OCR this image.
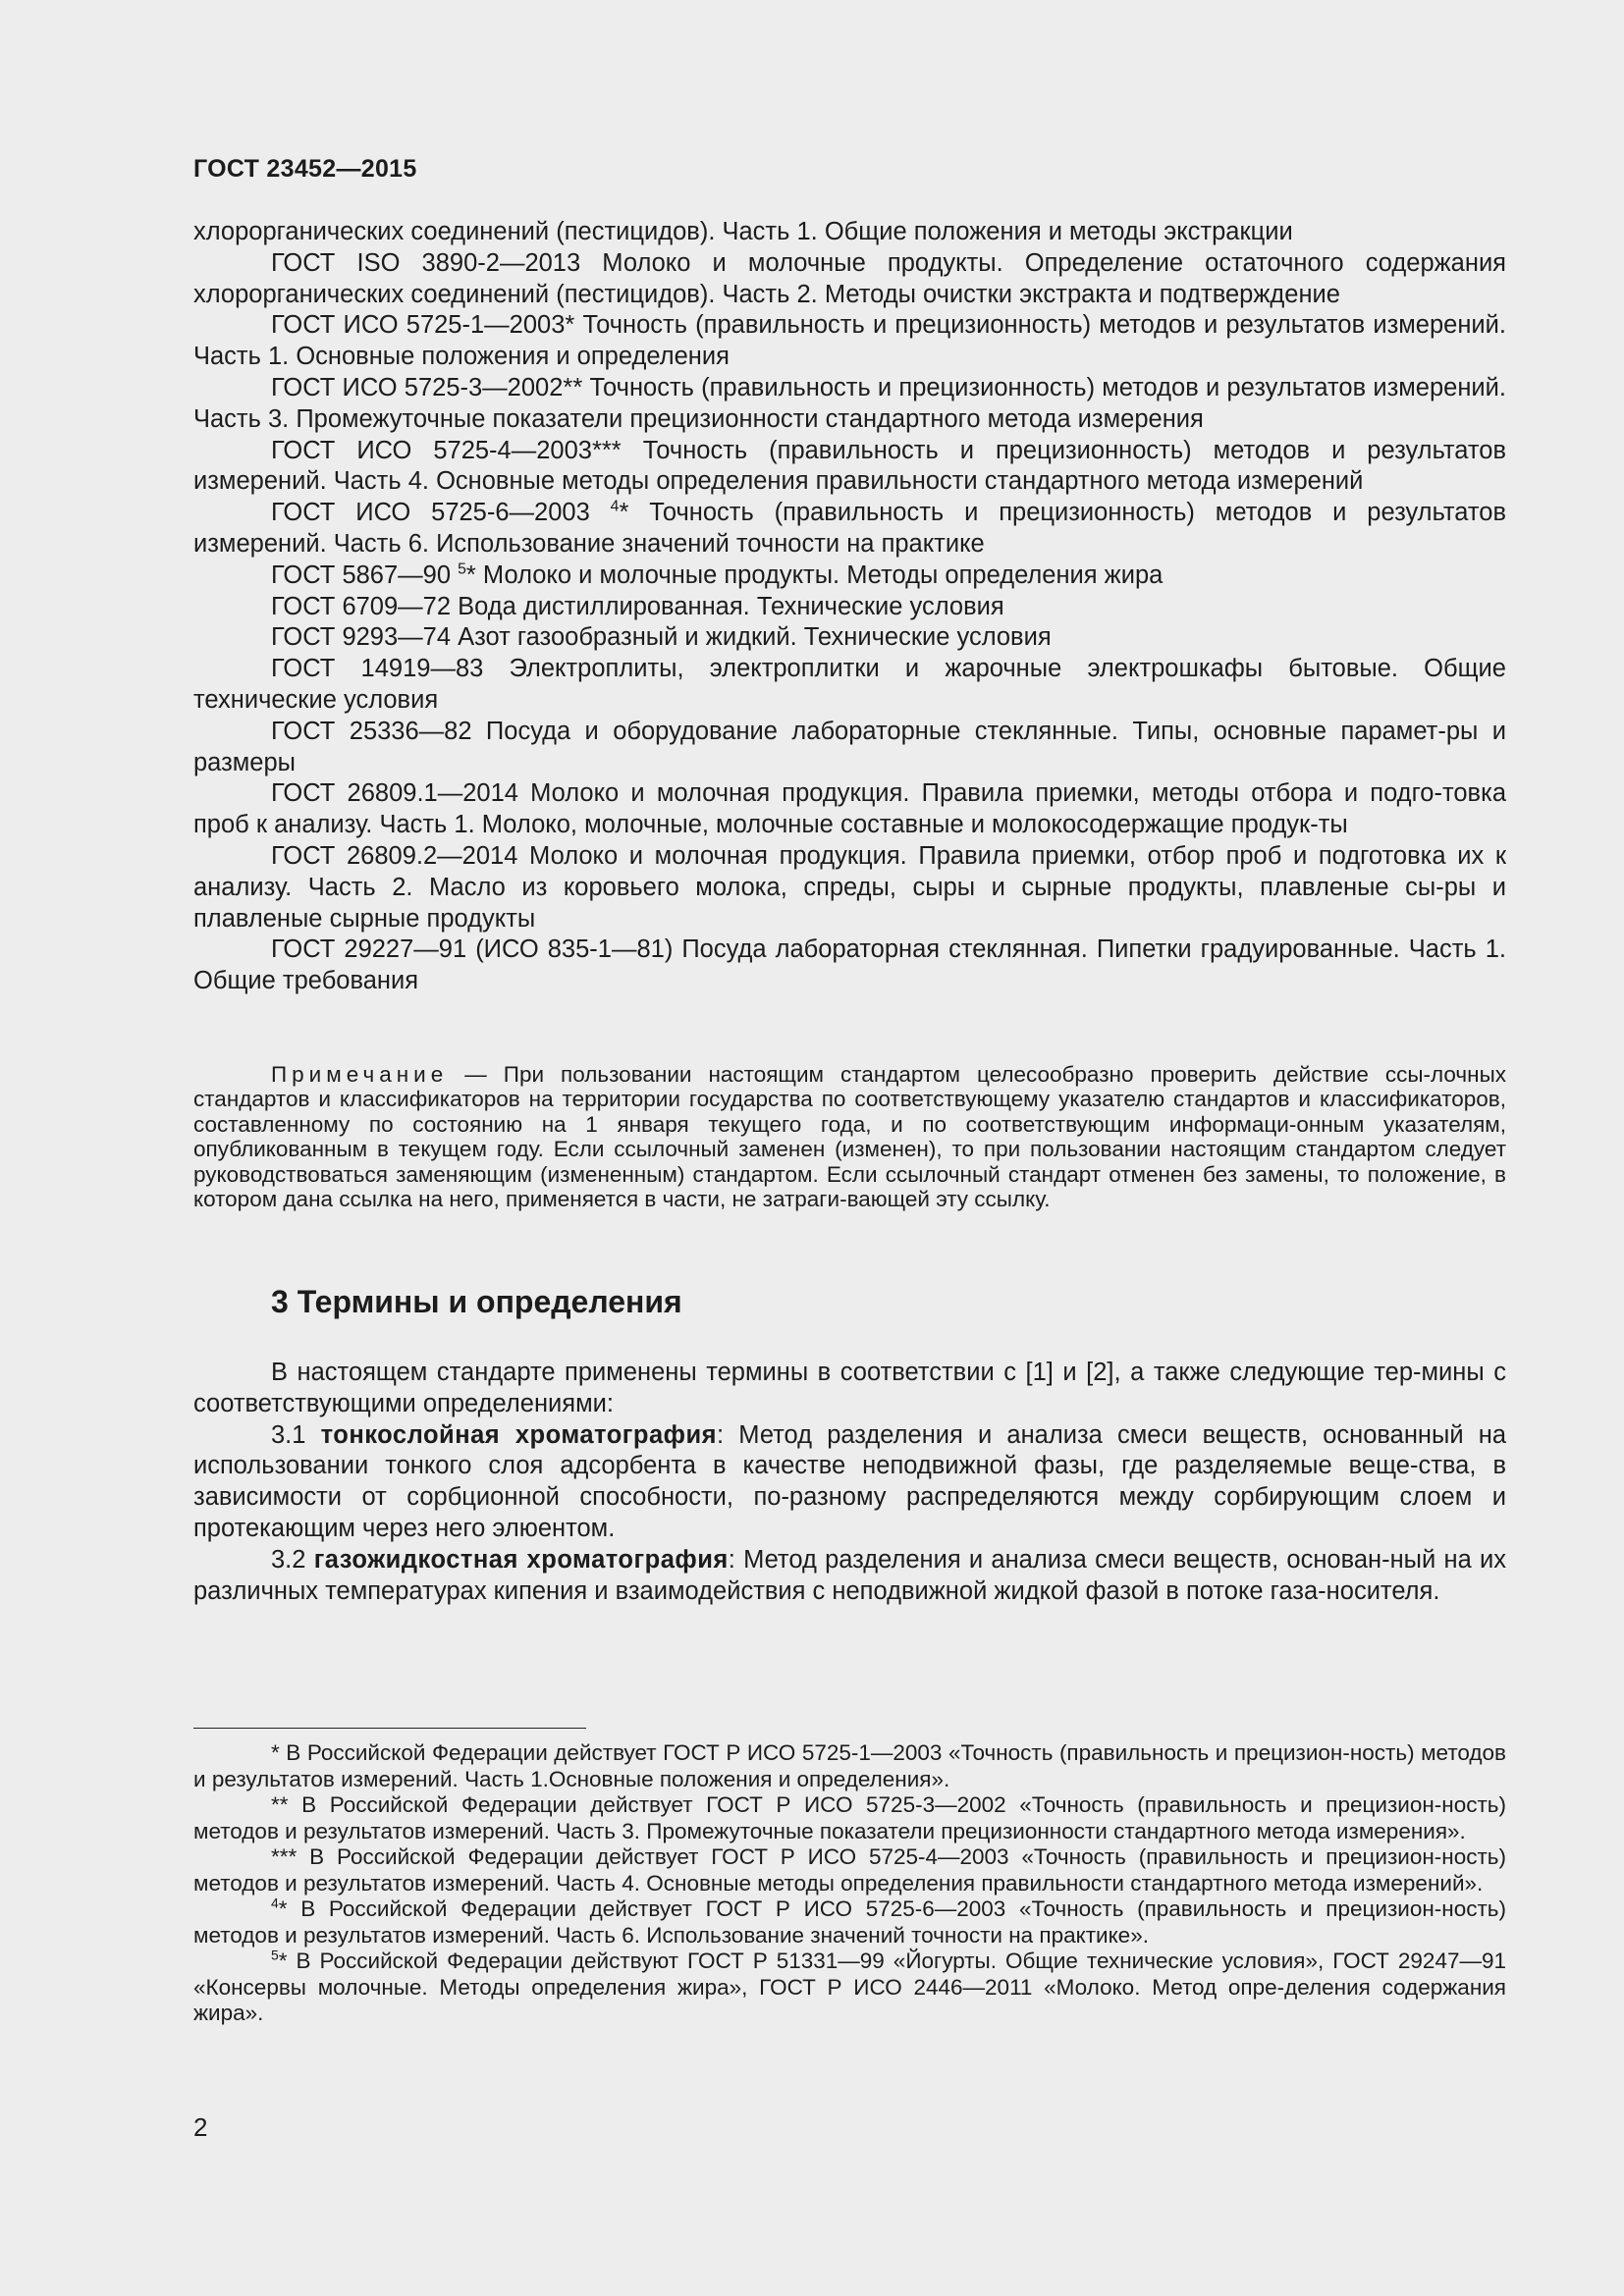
ГОСТ 23452—2015

хлорорганических соединений (пестицидов). Часть 1. Общие положения и методы экстракции

ГОСТ ISO 3890-2—2013 Молоко и молочные продукты. Определение остаточного содержания хлорорганических соединений (пестицидов). Часть 2. Методы очистки экстракта и подтверждение

ГОСТ ИСО 5725-1—2003* Точность (правильность и прецизионность) методов и результатов измерений. Часть 1. Основные положения и определения

ГОСТ ИСО 5725-3—2002** Точность (правильность и прецизионность) методов и результатов измерений. Часть 3. Промежуточные показатели прецизионности стандартного метода измерения

ГОСТ ИСО 5725-4—2003*** Точность (правильность и прецизионность) методов и результатов измерений. Часть 4. Основные методы определения правильности стандартного метода измерений

ГОСТ ИСО 5725-6—2003 $^4$* Точность (правильность и прецизионность) методов и результатов измерений. Часть 6. Использование значений точности на практике

ГОСТ 5867—90 $^5$* Молоко и молочные продукты. Методы определения жира

ГОСТ 6709—72 Вода дистиллированная. Технические условия

ГОСТ 9293—74 Азот газообразный и жидкий. Технические условия

ГОСТ 14919—83 Электроплиты, электроплитки и жарочные электрошкафы бытовые. Общие технические условия

ГОСТ 25336—82 Посуда и оборудование лабораторные стеклянные. Типы, основные парамет-ры и размеры

ГОСТ 26809.1—2014 Молоко и молочная продукция. Правила приемки, методы отбора и подго-товка проб к анализу. Часть 1. Молоко, молочные, молочные составные и молокосодержащие продук-ты

ГОСТ 26809.2—2014 Молоко и молочная продукция. Правила приемки, отбор проб и подготовка их к анализу. Часть 2. Масло из коровьего молока, спреды, сыры и сырные продукты, плавленые сы-ры и плавленые сырные продукты

ГОСТ 29227—91 (ИСО 835-1—81) Посуда лабораторная стеклянная. Пипетки градуированные. Часть 1. Общие требования

Примечание — При пользовании настоящим стандартом целесообразно проверить действие ссы-лочных стандартов и классификаторов на территории государства по соответствующему указателю стандартов и классификаторов, составленному по состоянию на 1 января текущего года, и по соответствующим информаци-онным указателям, опубликованным в текущем году. Если ссылочный заменен (изменен), то при пользовании настоящим стандартом следует руководствоваться заменяющим (измененным) стандартом. Если ссылочный стандарт отменен без замены, то положение, в котором дана ссылка на него, применяется в части, не затраги-вающей эту ссылку.

3 Термины и определения

В настоящем стандарте применены термины в соответствии с [1] и [2], а также следующие тер-мины с соответствующими определениями:

3.1 тонкослойная хроматография: Метод разделения и анализа смеси веществ, основанный на использовании тонкого слоя адсорбента в качестве неподвижной фазы, где разделяемые веще-ства, в зависимости от сорбционной способности, по-разному распределяются между сорбирующим слоем и протекающим через него элюентом.

3.2 газожидкостная хроматография: Метод разделения и анализа смеси веществ, основан-ный на их различных температурах кипения и взаимодействия с неподвижной жидкой фазой в потоке газа-носителя.

* В Российской Федерации действует ГОСТ Р ИСО 5725-1—2003 «Точность (правильность и прецизион-ность) методов и результатов измерений. Часть 1.Основные положения и определения».

** В Российской Федерации действует ГОСТ Р ИСО 5725-3—2002 «Точность (правильность и прецизион-ность) методов и результатов измерений. Часть 3. Промежуточные показатели прецизионности стандартного метода измерения».

*** В Российской Федерации действует ГОСТ Р ИСО 5725-4—2003 «Точность (правильность и прецизион-ность) методов и результатов измерений. Часть 4. Основные методы определения правильности стандартного метода измерений».

$^4$* В Российской Федерации действует ГОСТ Р ИСО 5725-6—2003 «Точность (правильность и прецизион-ность) методов и результатов измерений. Часть 6. Использование значений точности на практике».

$^5$* В Российской Федерации действуют ГОСТ Р 51331—99 «Йогурты. Общие технические условия», ГОСТ 29247—91 «Консервы молочные. Методы определения жира», ГОСТ Р ИСО 2446—2011 «Молоко. Метод опре-деления содержания жира».

2
